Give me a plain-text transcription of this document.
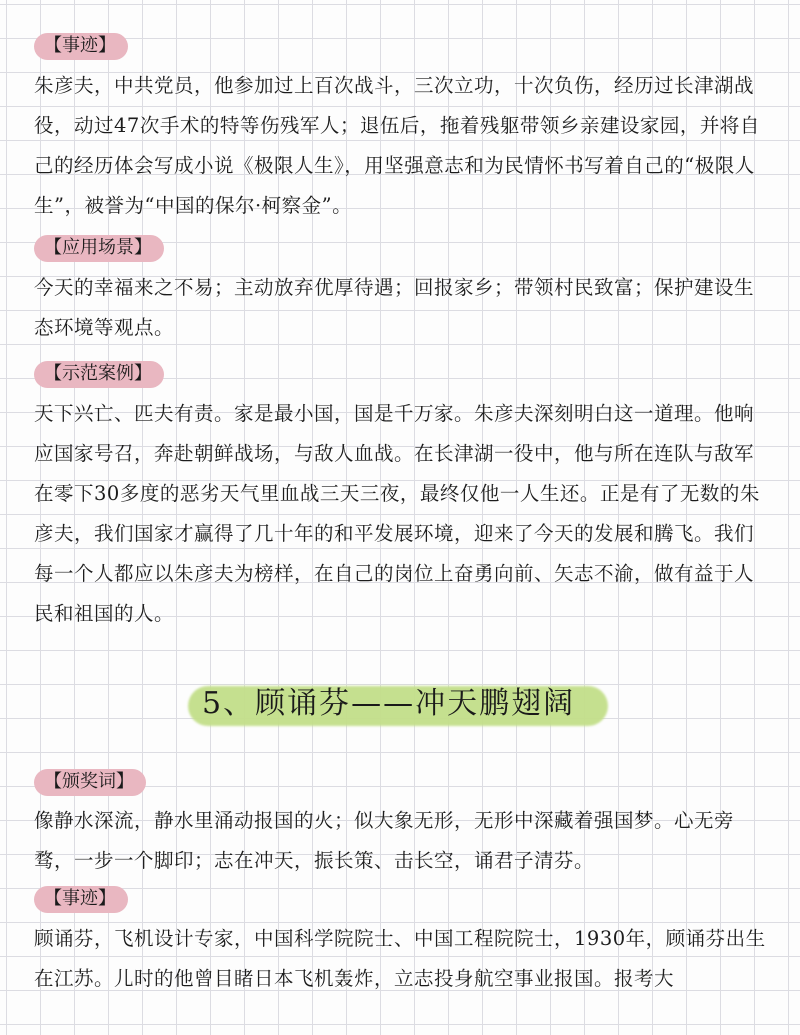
【事迹】

朱彦夫，中共党员，他参加过上百次战斗，三次立功，十次负伤，经历过长津湖战役，动过47次手术的特等伤残军人；退伍后，拖着残躯带领乡亲建设家园，并将自己的经历体会写成小说《极限人生》，用坚强意志和为民情怀书写着自己的“极限人生”，被誉为“中国的保尔·柯察金”。

【应用场景】

今天的幸福来之不易；主动放弃优厚待遇；回报家乡；带领村民致富；保护建设生态环境等观点。

【示范案例】

天下兴亡、匹夫有责。家是最小国，国是千万家。朱彦夫深刻明白这一道理。他响应国家号召，奔赴朝鲜战场，与敌人血战。在长津湖一役中，他与所在连队与敌军在零下30多度的恶劣天气里血战三天三夜，最终仅他一人生还。正是有了无数的朱彦夫，我们国家才赢得了几十年的和平发展环境，迎来了今天的发展和腾飞。我们每一个人都应以朱彦夫为榜样，在自己的岗位上奋勇向前、矢志不渝，做有益于人民和祖国的人。

5、顾诵芬——冲天鹏翅阔
【颁奖词】

像静水深流，静水里涌动报国的火；似大象无形，无形中深藏着强国梦。心无旁骛，一步一个脚印；志在冲天，振长策、击长空，诵君子清芬。

【事迹】

顾诵芬，飞机设计专家，中国科学院院士、中国工程院院士，1930年，顾诵芬出生在江苏。儿时的他曾目睹日本飞机轰炸，立志投身航空事业报国。报考大
